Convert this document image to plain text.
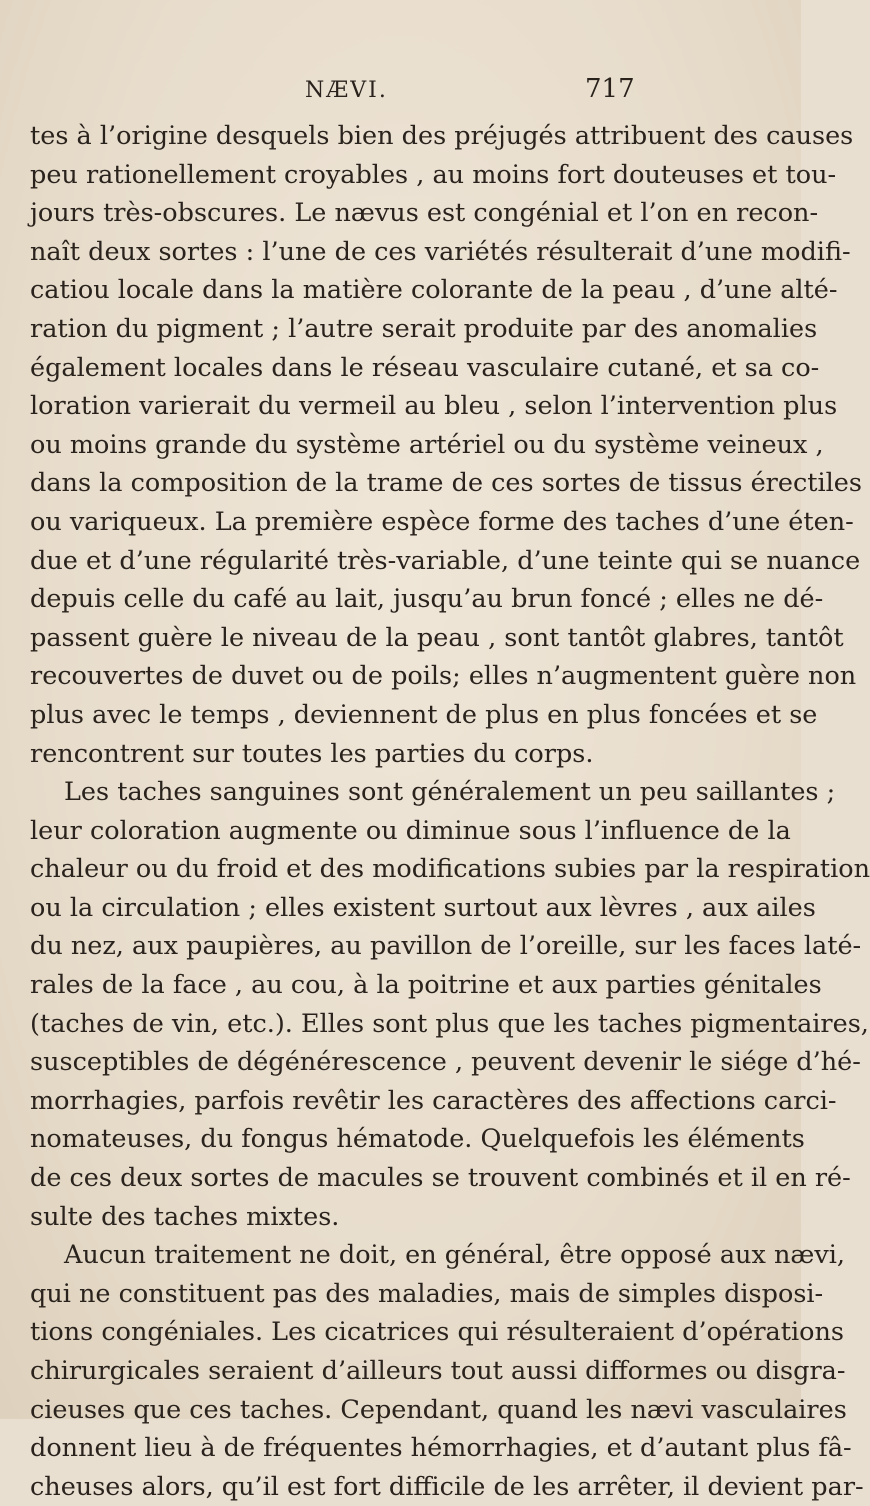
NÆVI.	717
tes à l’origine desquels bien des préjugés attribuent des causes
peu rationellement croyables , au moins fort douteuses et tou-
jours très-obscures. Le nævus est congénial et l’on en recon-
naît deux sortes : l’une de ces variétés résulterait d’une modifi-
catiou locale dans la matière colorante de la peau , d’une alté-
ration du pigment ; l’autre serait produite par des anomalies
également locales dans le réseau vasculaire cutané, et sa co-
loration varierait du vermeil au bleu , selon l’intervention plus
ou moins grande du système artériel ou du système veineux ,
dans la composition de la trame de ces sortes de tissus érectiles
ou variqueux. La première espèce forme des taches d’une éten-
due et d’une régularité très-variable, d’une teinte qui se nuance
depuis celle du café au lait, jusqu’au brun foncé ; elles ne dé-
passent guère le niveau de la peau , sont tantôt glabres, tantôt
recouvertes de duvet ou de poils; elles n’augmentent guère non
plus avec le temps , deviennent de plus en plus foncées et se
rencontrent sur toutes les parties du corps.
Les taches sanguines sont généralement un peu saillantes ;
leur coloration augmente ou diminue sous l’influence de la
chaleur ou du froid et des modifications subies par la respiration
ou la circulation ; elles existent surtout aux lèvres , aux ailes
du nez, aux paupières, au pavillon de l’oreille, sur les faces laté-
rales de la face , au cou, à la poitrine et aux parties génitales
(taches de vin, etc.). Elles sont plus que les taches pigmentaires,
susceptibles de dégénérescence , peuvent devenir le siége d’hé-
morrhagies, parfois revêtir les caractères des affections carci-
nomateuses, du fongus hématode. Quelquefois les éléments
de ces deux sortes de macules se trouvent combinés et il en ré-
sulte des taches mixtes.
Aucun traitement ne doit, en général, être opposé aux nævi,
qui ne constituent pas des maladies, mais de simples disposi-
tions congéniales. Les cicatrices qui résulteraient d’opérations
chirurgicales seraient d’ailleurs tout aussi difformes ou disgra-
cieuses que ces taches. Cependant, quand les nævi vasculaires
donnent lieu à de fréquentes hémorrhagies, et d’autant plus fâ-
cheuses alors, qu’il est fort difficile de les arrêter, il devient par-
